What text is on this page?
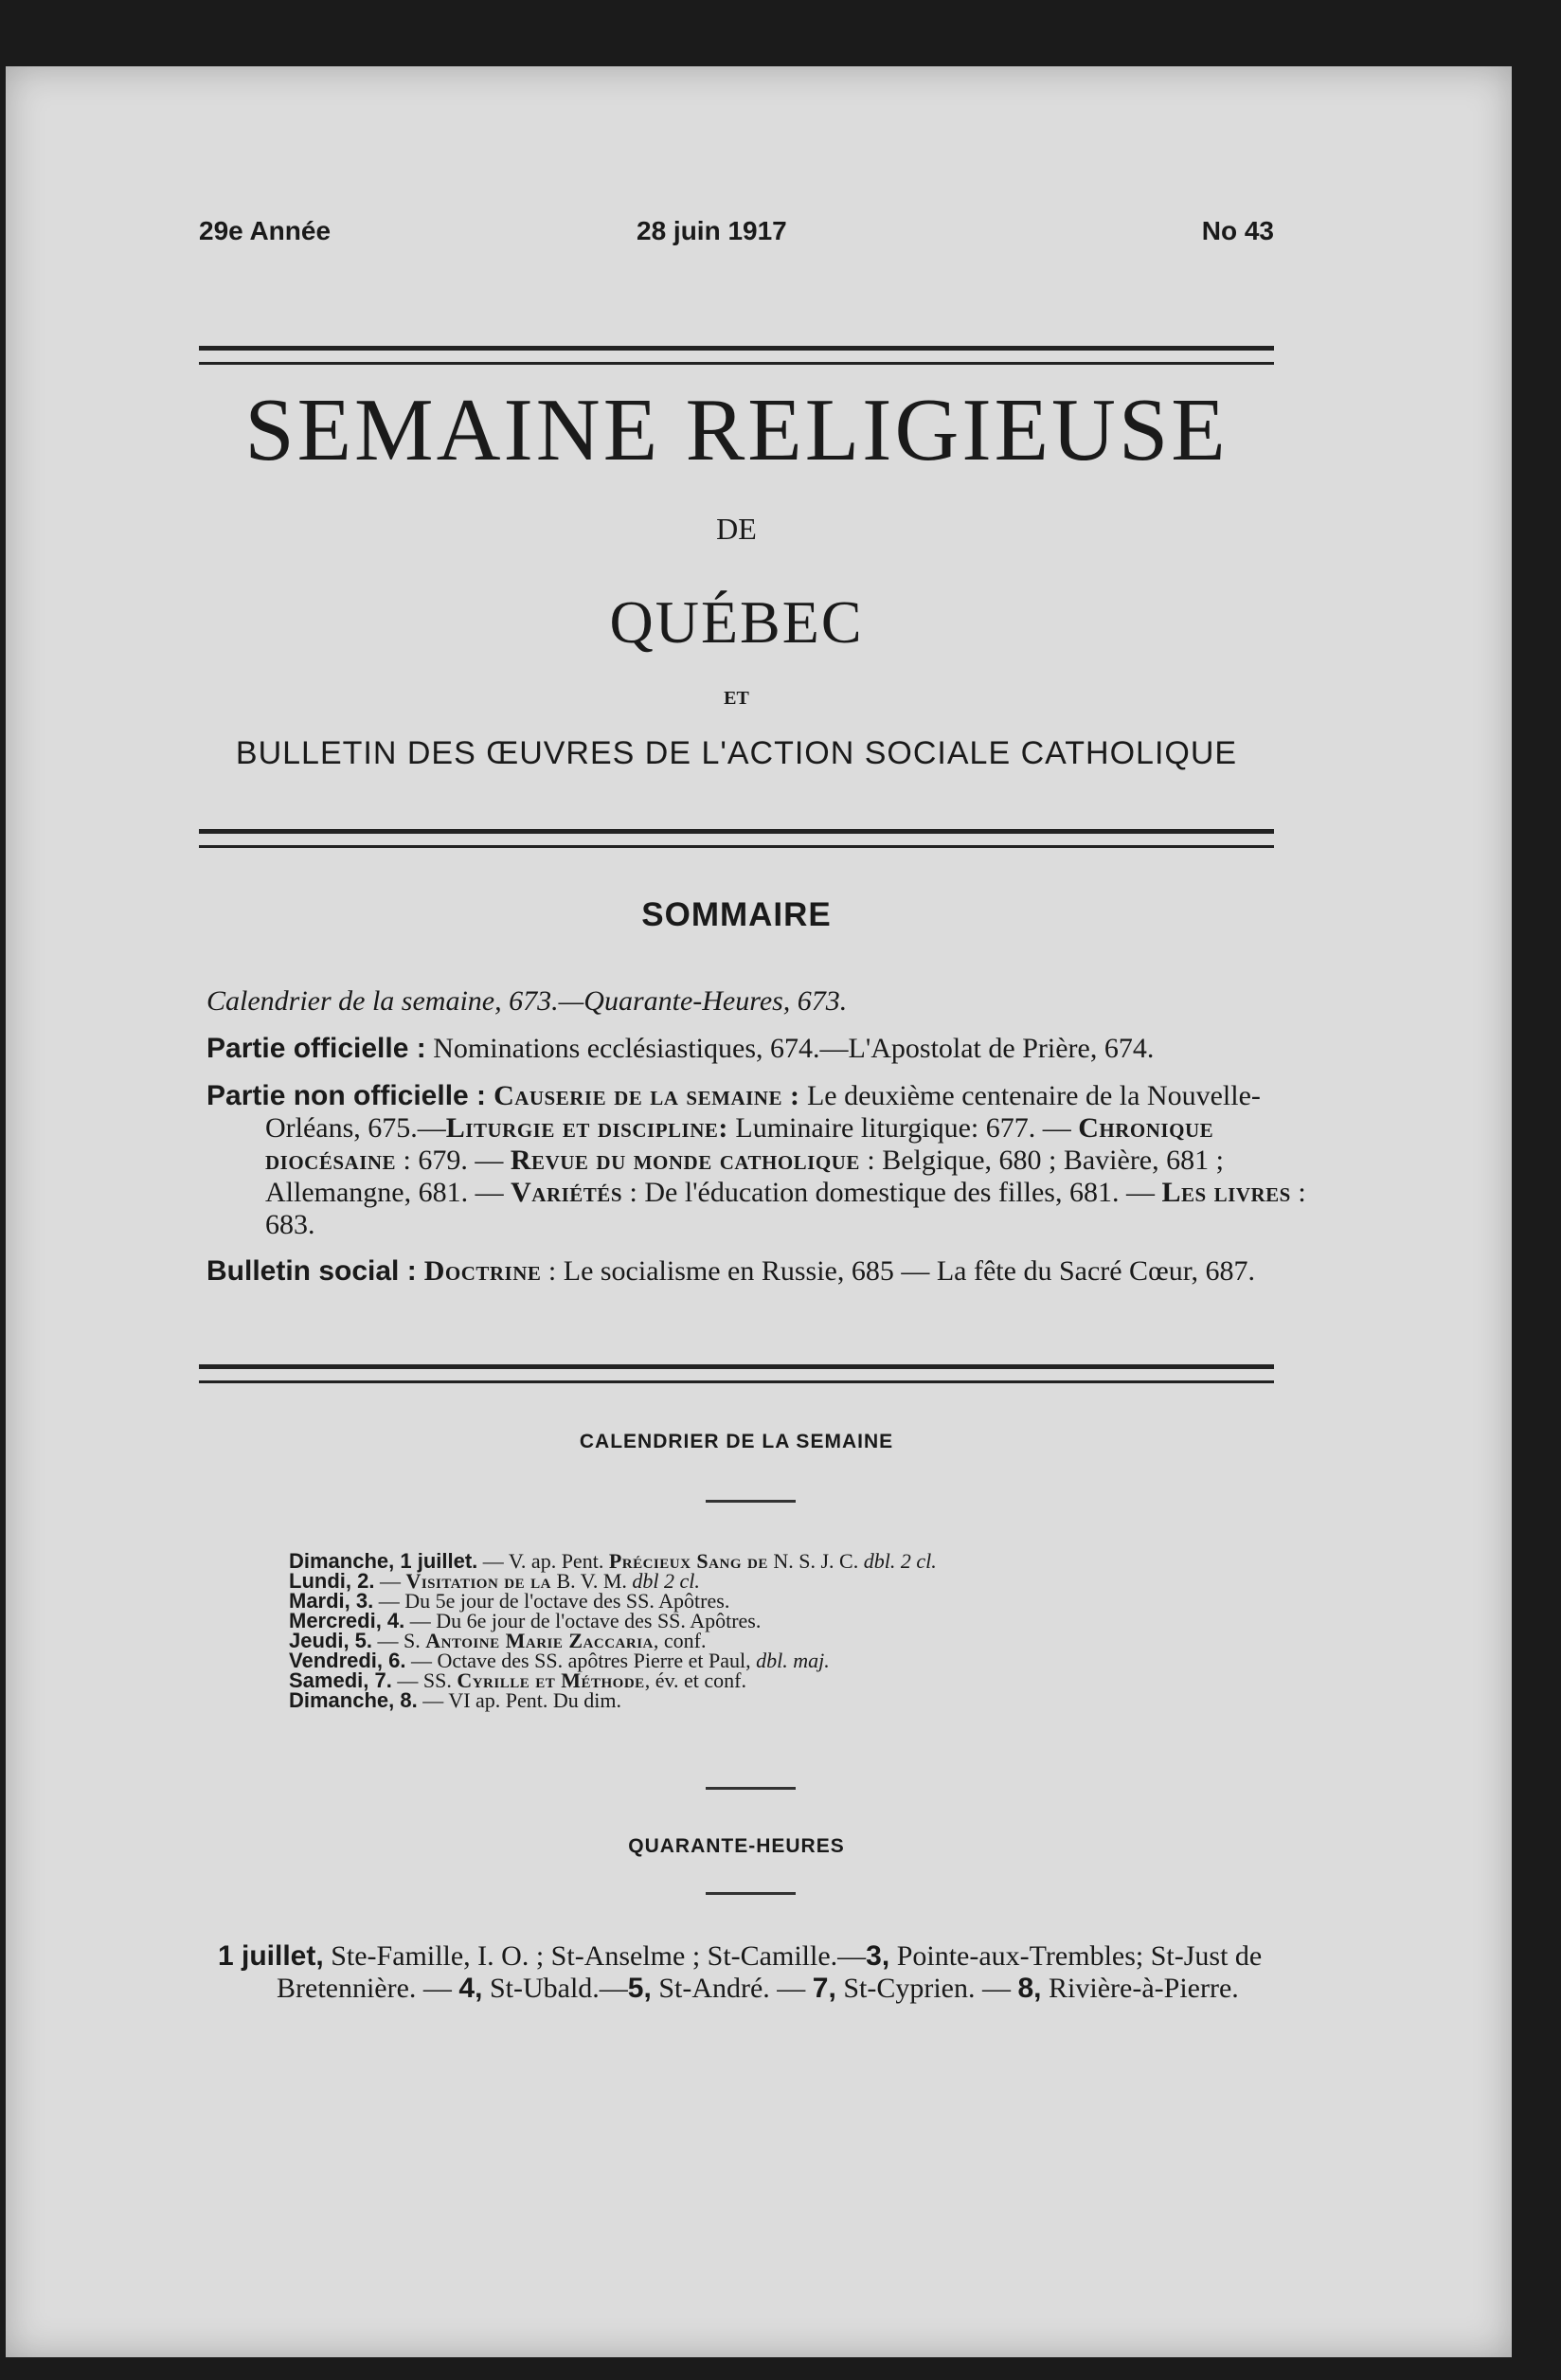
29e Année	28 juin 1917	No 43
SEMAINE RELIGIEUSE
DE
QUÉBEC
ET
BULLETIN DES ŒUVRES DE L'ACTION SOCIALE CATHOLIQUE
SOMMAIRE
Calendrier de la semaine, 673.—Quarante-Heures, 673.
Partie officielle : Nominations ecclésiastiques, 674.—L'Apostolat de Prière, 674.
Partie non officielle : Causerie de la semaine : Le deuxième centenaire de la Nouvelle-Orléans, 675.—Liturgie et discipline: Luminaire liturgique: 677. — Chronique diocésaine : 679. — Revue du monde catholique : Belgique, 680 ; Bavière, 681 ; Allemangne, 681. — Variétés : De l'éducation domestique des filles, 681. — Les livres : 683.
Bulletin social : Doctrine : Le socialisme en Russie, 685 — La fête du Sacré Cœur, 687.
CALENDRIER DE LA SEMAINE
Dimanche, 1 juillet. — V. ap. Pent. Précieux Sang de N. S. J. C. dbl. 2 cl.
Lundi, 2. — Visitation de la B. V. M. dbl 2 cl.
Mardi, 3. — Du 5e jour de l'octave des SS. Apôtres.
Mercredi, 4. — Du 6e jour de l'octave des SS. Apôtres.
Jeudi, 5. — S. Antoine Marie Zaccaria, conf.
Vendredi, 6. — Octave des SS. apôtres Pierre et Paul, dbl. maj.
Samedi, 7. — SS. Cyrille et Méthode, év. et conf.
Dimanche, 8. — VI ap. Pent. Du dim.
QUARANTE-HEURES
1 juillet, Ste-Famille, I. O. ; St-Anselme ; St-Camille.—3, Pointe-aux-Trembles; St-Just de Bretennière. — 4, St-Ubald.—5, St-André. — 7, St-Cyprien. — 8, Rivière-à-Pierre.
